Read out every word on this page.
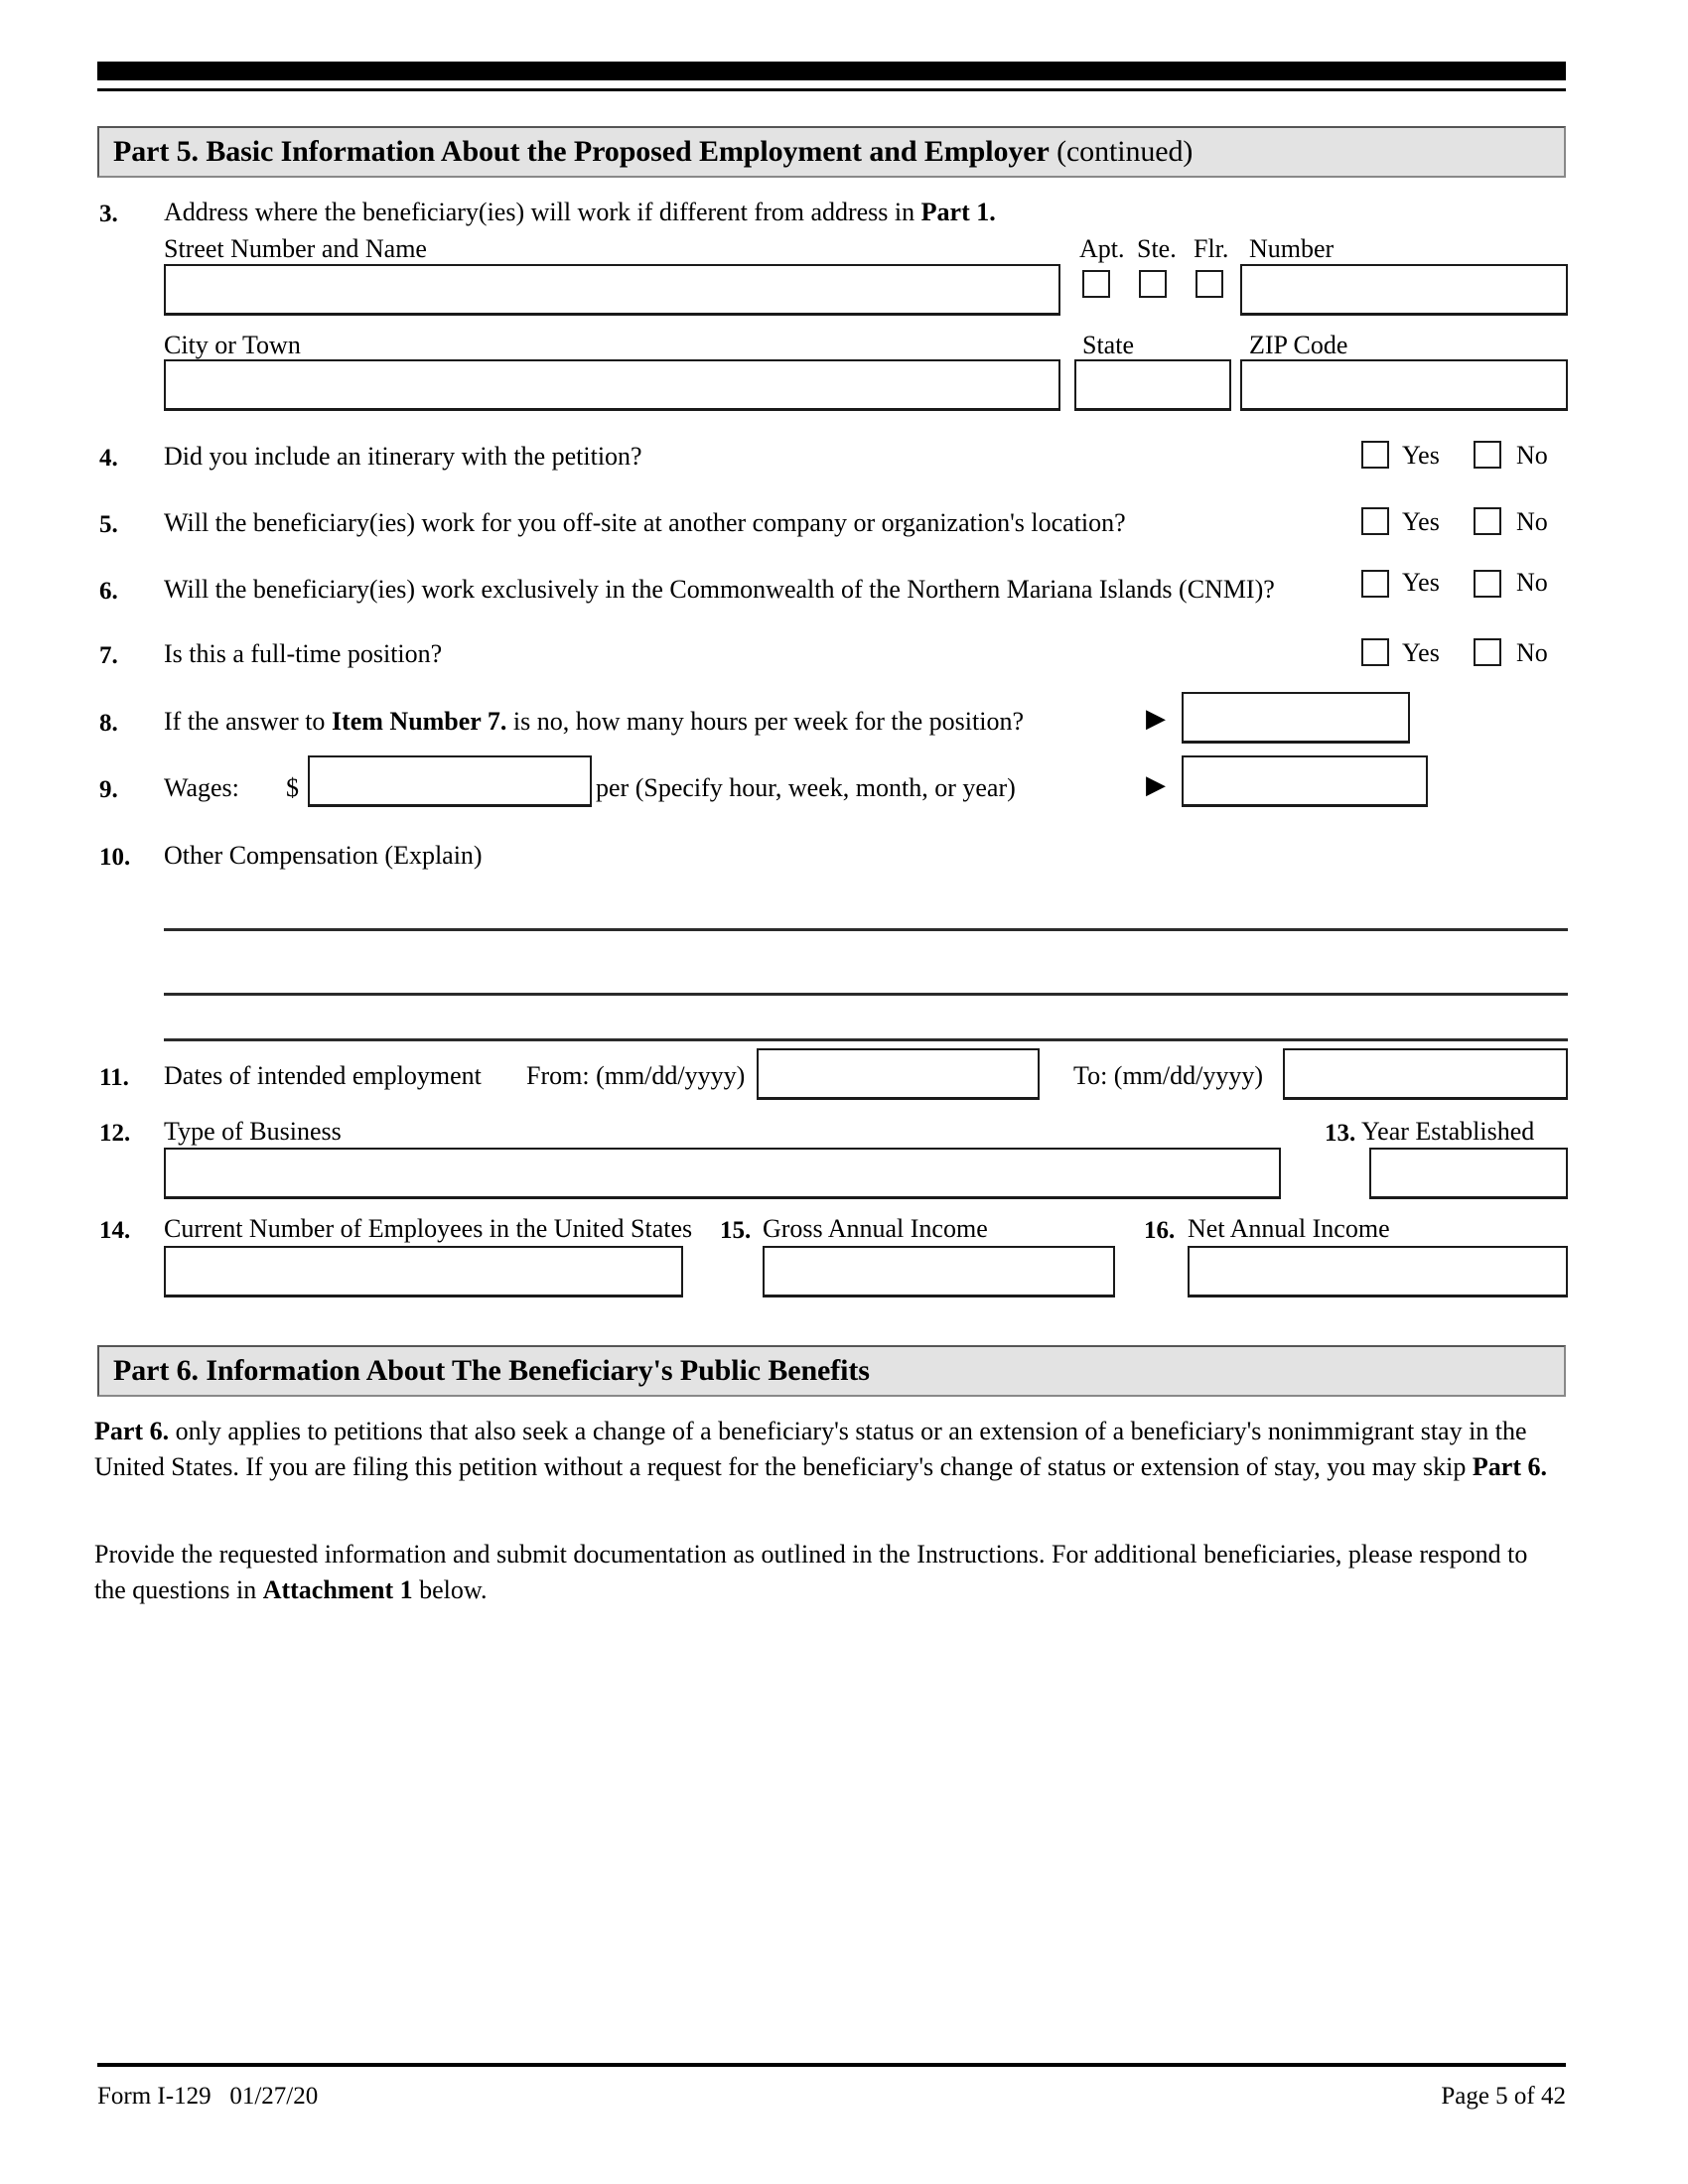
Part 5. Basic Information About the Proposed Employment and Employer (continued)
3. Address where the beneficiary(ies) will work if different from address in Part 1.
Street Number and Name	Apt. Ste. Flr. Number
City or Town	State	ZIP Code
4. Did you include an itinerary with the petition?	Yes	No
5. Will the beneficiary(ies) work for you off-site at another company or organization's location?	Yes	No
6. Will the beneficiary(ies) work exclusively in the Commonwealth of the Northern Mariana Islands (CNMI)?	Yes	No
7. Is this a full-time position?	Yes	No
8. If the answer to Item Number 7. is no, how many hours per week for the position?	▶
9. Wages: $	per (Specify hour, week, month, or year)	▶
10. Other Compensation (Explain)
11. Dates of intended employment From: (mm/dd/yyyy)	To: (mm/dd/yyyy)
12. Type of Business	13. Year Established
14. Current Number of Employees in the United States 15. Gross Annual Income	16. Net Annual Income
Part 6. Information About The Beneficiary's Public Benefits
Part 6. only applies to petitions that also seek a change of a beneficiary's status or an extension of a beneficiary's nonimmigrant stay in the United States. If you are filing this petition without a request for the beneficiary's change of status or extension of stay, you may skip Part 6.
Provide the requested information and submit documentation as outlined in the Instructions. For additional beneficiaries, please respond to the questions in Attachment 1 below.
Form I-129 01/27/20	Page 5 of 42
